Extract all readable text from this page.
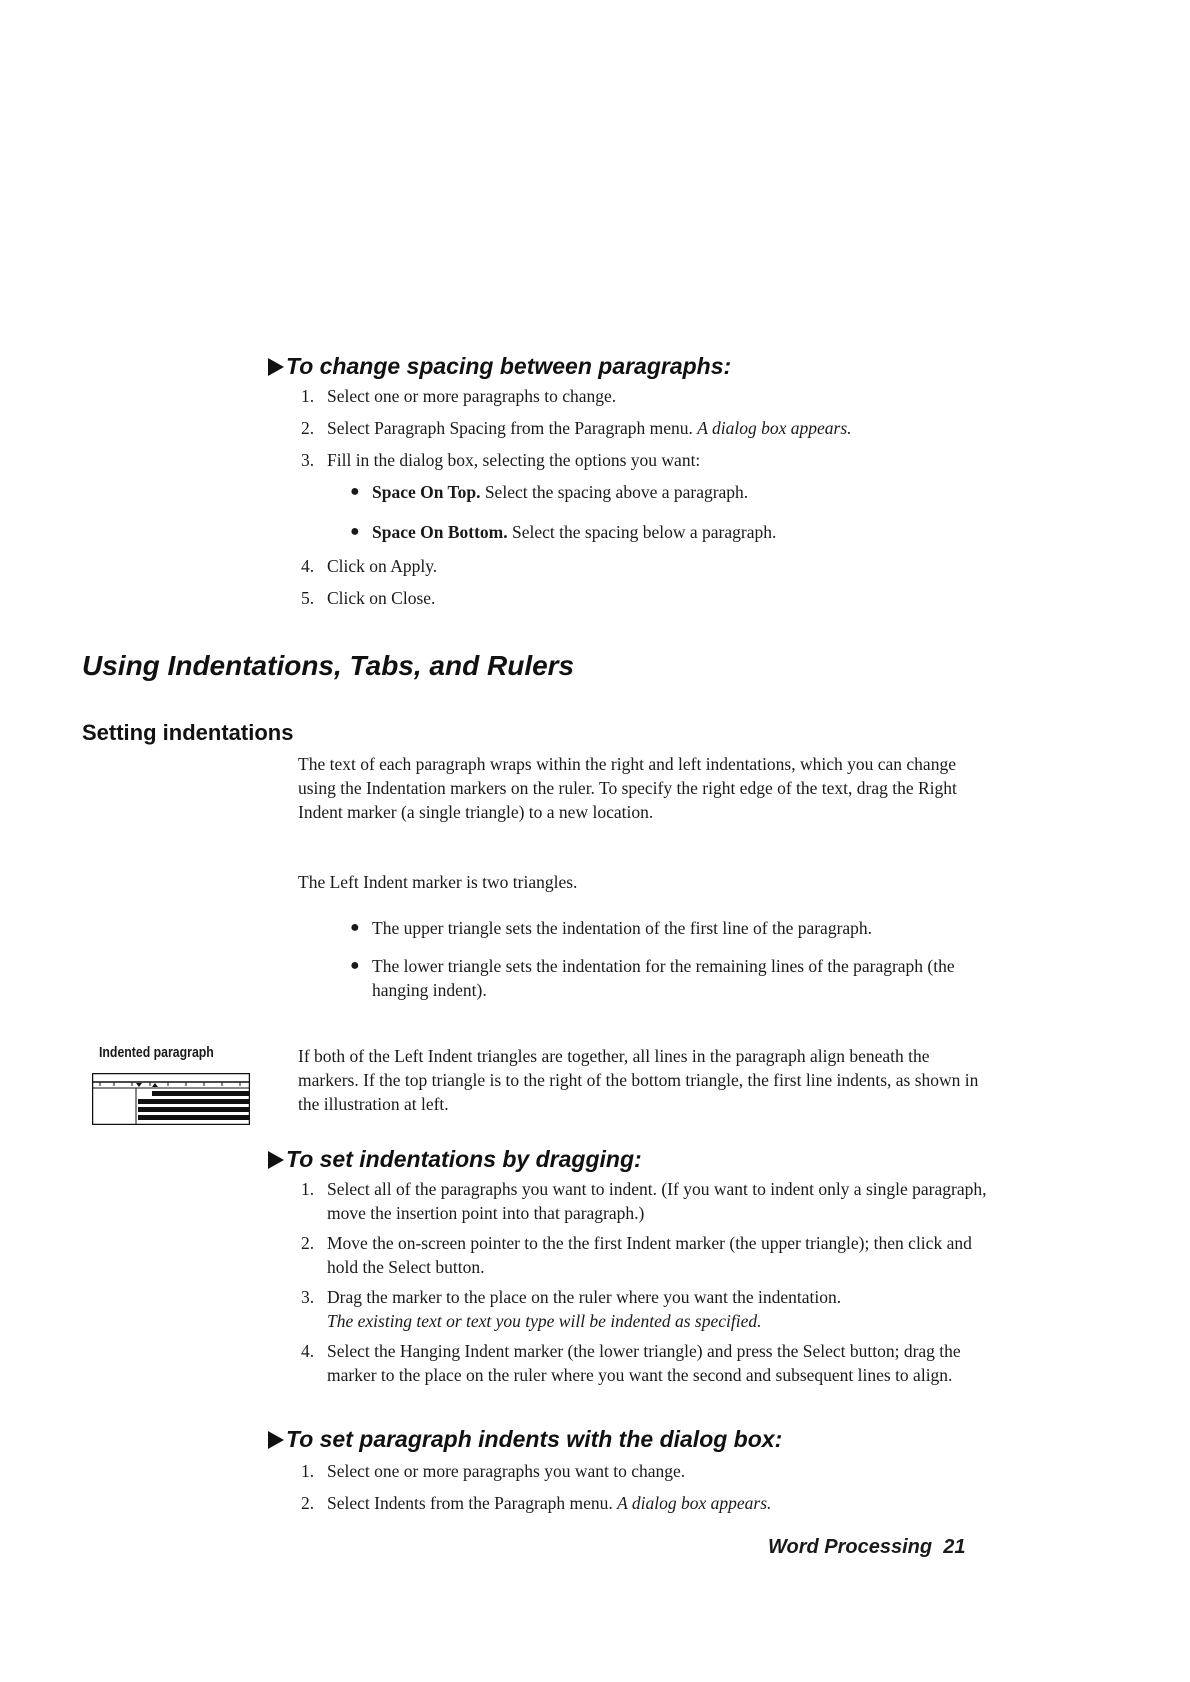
To change spacing between paragraphs:
1. Select one or more paragraphs to change.
2. Select Paragraph Spacing from the Paragraph menu. A dialog box appears.
3. Fill in the dialog box, selecting the options you want:
● Space On Top. Select the spacing above a paragraph.
● Space On Bottom. Select the spacing below a paragraph.
4. Click on Apply.
5. Click on Close.
Using Indentations, Tabs, and Rulers
Setting indentations
The text of each paragraph wraps within the right and left indentations, which you can change using the Indentation markers on the ruler. To specify the right edge of the text, drag the Right Indent marker (a single triangle) to a new location.
The Left Indent marker is two triangles.
● The upper triangle sets the indentation of the first line of the paragraph.
● The lower triangle sets the indentation for the remaining lines of the paragraph (the hanging indent).
Indented paragraph	If both of the Left Indent triangles are together, all lines in the paragraph align beneath the markers. If the top triangle is to the right of the bottom triangle, the first line indents, as shown in the illustration at left.
To set indentations by dragging:
1. Select all of the paragraphs you want to indent. (If you want to indent only a single paragraph, move the insertion point into that paragraph.)
2. Move the on-screen pointer to the the first Indent marker (the upper triangle); then click and hold the Select button.
3. Drag the marker to the place on the ruler where you want the indentation.
The existing text or text you type will be indented as specified.
4. Select the Hanging Indent marker (the lower triangle) and press the Select button; drag the marker to the place on the ruler where you want the second and subsequent lines to align.
To set paragraph indents with the dialog box:
1. Select one or more paragraphs you want to change.
2. Select Indents from the Paragraph menu. A dialog box appears.
Word Processing 21
